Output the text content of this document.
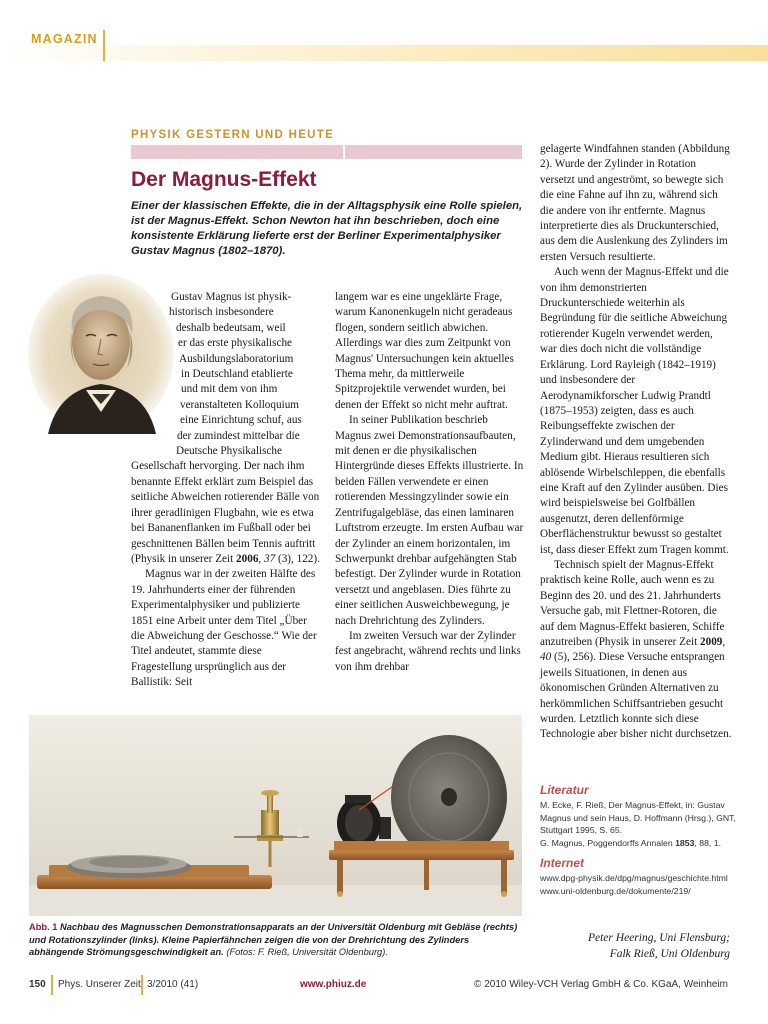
MAGAZIN
PHYSIK GESTERN UND HEUTE
Der Magnus-Effekt
Einer der klassischen Effekte, die in der Alltagsphysik eine Rolle spielen, ist der Magnus-Effekt. Schon Newton hat ihn beschrieben, doch eine konsistente Erklärung lieferte erst der Berliner Experimentalphysiker Gustav Magnus (1802–1870).
Gustav Magnus ist physik-
historisch insbesondere
deshalb bedeutsam, weil
er das erste physikalische
Ausbildungslaboratorium
in Deutschland etablierte
und mit dem von ihm
veranstalteten Kolloquium
eine Einrichtung schuf, aus
der zumindest mittelbar die
Deutsche Physikalische

Gesellschaft hervorging. Der nach ihm benannte Effekt erklärt zum Beispiel das seitliche Abweichen rotierender Bälle von ihrer geradlinigen Flugbahn, wie es etwa bei Bananenflanken im Fußball oder bei geschnittenen Bällen beim Tennis auftritt (Physik in unserer Zeit 2006, 37 (3), 122).

Magnus war in der zweiten Hälfte des 19. Jahrhunderts einer der führenden Experimentalphysiker und publizierte 1851 eine Arbeit unter dem Titel „Über die Abweichung der Geschosse.“ Wie der Titel andeutet, stammte diese Fragestellung ursprünglich aus der Ballistik: Seit

langem war es eine ungeklärte Frage, warum Kanonenkugeln nicht geradeaus flogen, sondern seitlich abwichen. Allerdings war dies zum Zeitpunkt von Magnus' Untersuchungen kein aktuelles Thema mehr, da mittlerweile Spitzprojektile verwendet wurden, bei denen der Effekt so nicht mehr auftrat.

In seiner Publikation beschrieb Magnus zwei Demonstrationsaufbauten, mit denen er die physikalischen Hintergründe dieses Effekts illustrierte. In beiden Fällen verwendete er einen rotierenden Messingzylinder sowie ein Zentrifugalgebläse, das einen laminaren Luftstrom erzeugte. Im ersten Aufbau war der Zylinder an einem horizontalen, im Schwerpunkt drehbar aufgehängten Stab befestigt. Der Zylinder wurde in Rotation versetzt und angeblasen. Dies führte zu einer seitlichen Ausweichbewegung, je nach Drehrichtung des Zylinders.

Im zweiten Versuch war der Zylinder fest angebracht, während rechts und links von ihm drehbar

gelagerte Windfahnen standen (Abbildung 2). Wurde der Zylinder in Rotation versetzt und angeströmt, so bewegte sich die eine Fahne auf ihn zu, während sich die andere von ihr entfernte. Magnus interpretierte dies als Druckunterschied, aus dem die Auslenkung des Zylinders im ersten Versuch resultierte.

Auch wenn der Magnus-Effekt und die von ihm demonstrierten Druckunterschiede weiterhin als Begründung für die seitliche Abweichung rotierender Kugeln verwendet werden, war dies doch nicht die vollständige Erklärung. Lord Rayleigh (1842–1919) und insbesondere der Aerodynamikforscher Ludwig Prandtl (1875–1953) zeigten, dass es auch Reibungseffekte zwischen der Zylinderwand und dem umgebenden Medium gibt. Hieraus resultieren sich ablösende Wirbelschleppen, die ebenfalls eine Kraft auf den Zylinder ausüben. Dies wird beispielsweise bei Golfbällen ausgenutzt, deren dellenförmige Oberflächenstruktur bewusst so gestaltet ist, dass dieser Effekt zum Tragen kommt.

Technisch spielt der Magnus-Effekt praktisch keine Rolle, auch wenn es zu Beginn des 20. und des 21. Jahrhunderts Versuche gab, mit Flettner-Rotoren, die auf dem Magnus-Effekt basieren, Schiffe anzutreiben (Physik in unserer Zeit 2009, 40 (5), 256). Diese Versuche entsprangen jeweils Situationen, in denen aus ökonomischen Gründen Alternativen zu herkömmlichen Schiffsantrieben gesucht wurden. Letztlich konnte sich diese Technologie aber bisher nicht durchsetzen.

Literatur
M. Ecke, F. Rieß, Der Magnus-Effekt, in: Gustav Magnus und sein Haus, D. Hoffmann (Hrsg.), GNT, Stuttgart 1995, S. 65.
G. Magnus, Poggendorffs Annalen 1853, 88, 1.
Internet
www.dpg-physik.de/dpg/magnus/geschichte.html
www.uni-oldenburg.de/dokumente/219/
Peter Heering, Uni Flensburg;
Falk Rieß, Uni Oldenburg
Abb. 1 Nachbau des Magnusschen Demonstrationsapparats an der Universität Oldenburg mit Gebläse (rechts) und Rotationszylinder (links). Kleine Papierfähnchen zeigen die von der Drehrichtung des Zylinders abhängende Strömungsgeschwindigkeit an. (Fotos: F. Rieß, Universität Oldenburg).
150 Phys. Unserer Zeit 3/2010 (41)	www.phiuz.de	© 2010 Wiley-VCH Verlag GmbH & Co. KGaA, Weinheim
